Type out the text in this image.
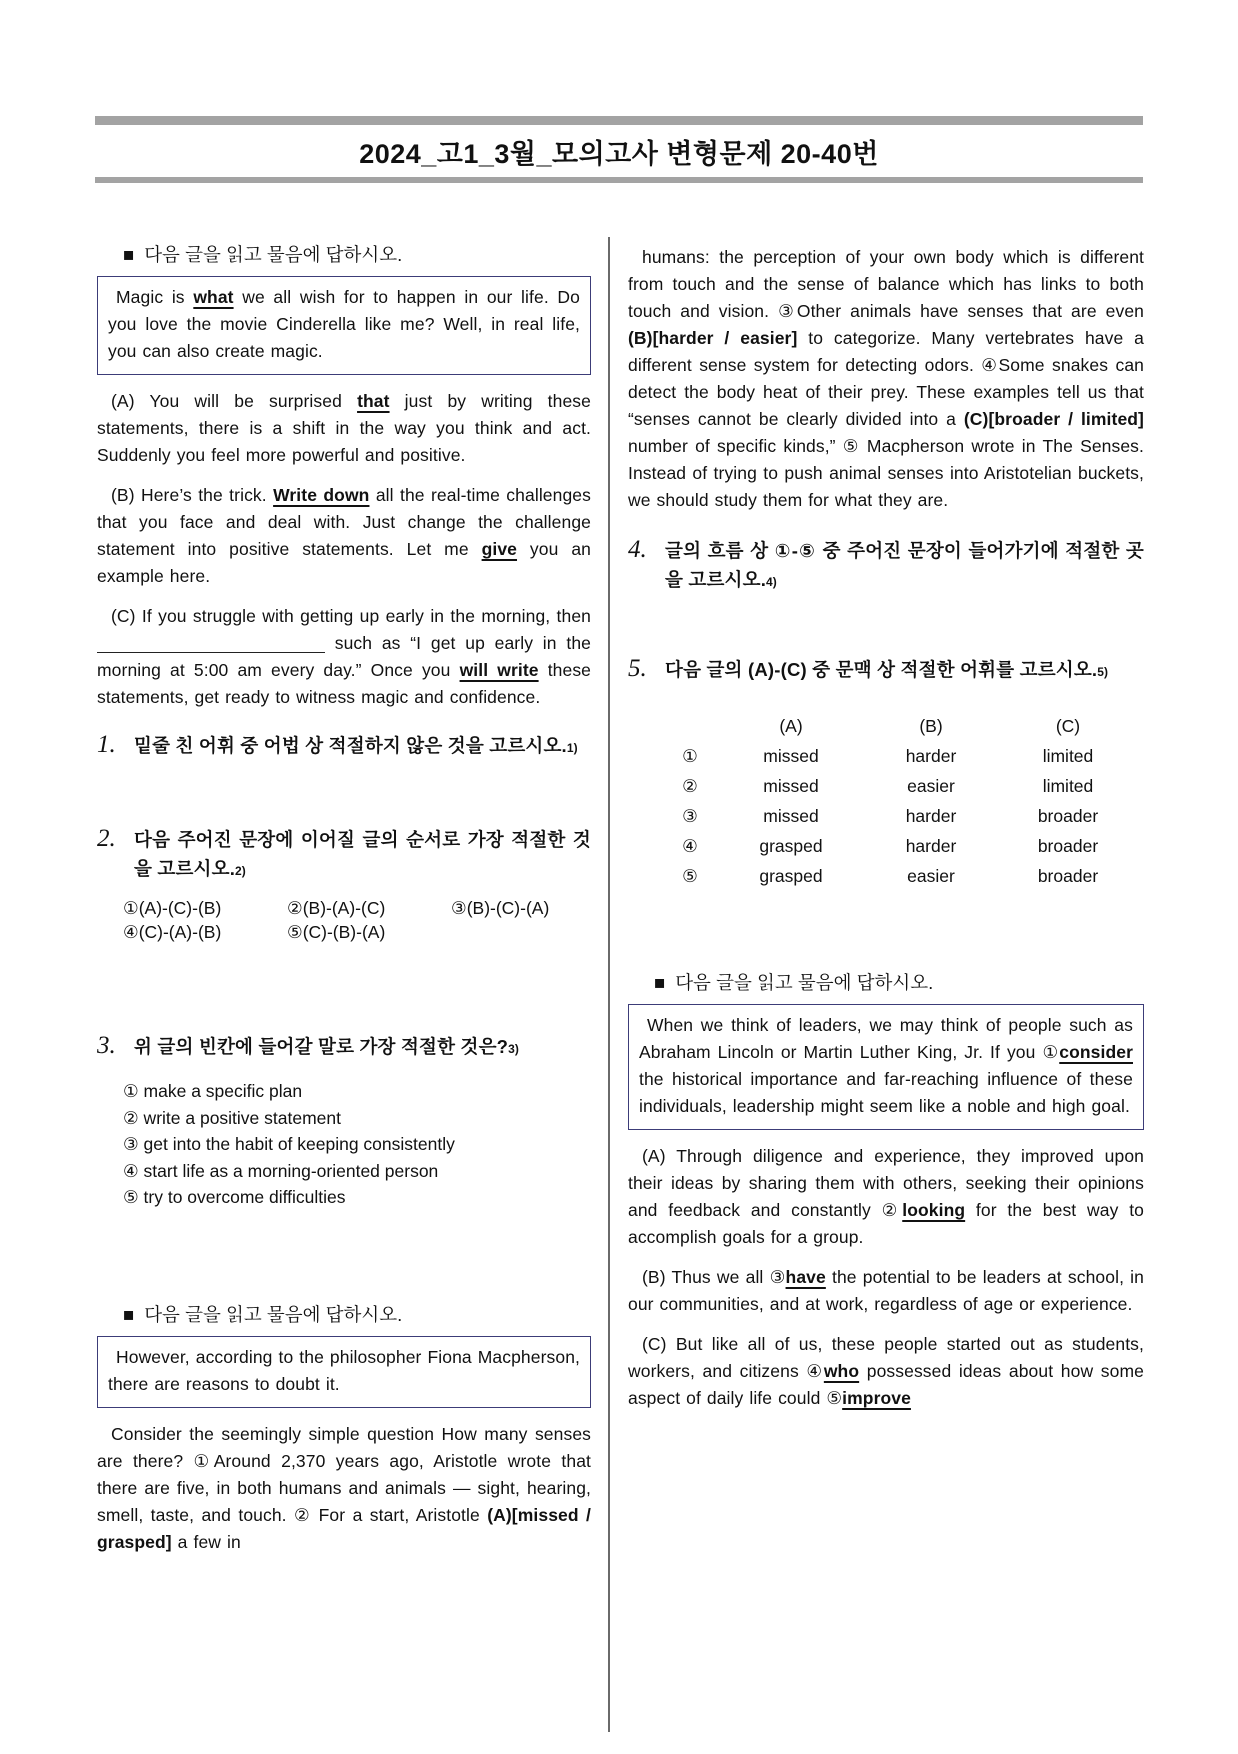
2024_고1_3월_모의고사 변형문제 20-40번
■ 다음 글을 읽고 물음에 답하시오.

Magic is what we all wish for to happen in our life. Do you love the movie Cinderella like me? Well, in real life, you can also create magic.

(A) You will be surprised that just by writing these statements, there is a shift in the way you think and act. Suddenly you feel more powerful and positive.

(B) Here’s the trick. Write down all the real-time challenges that you face and deal with. Just change the challenge statement into positive statements. Let me give you an example here.

(C) If you struggle with getting up early in the morning, then  such as “I get up early in the morning at 5:00 am every day.” Once you will write these statements, get ready to witness magic and confidence.

1. 밑줄 친 어휘 중 어법 상 적절하지 않은 것을 고르시오.1)

2. 다음 주어진 문장에 이어질 글의 순서로 가장 적절한 것을 고르시오.2)

①(A)-(C)-(B)	②(B)-(A)-(C)	③(B)-(C)-(A)
④(C)-(A)-(B)	⑤(C)-(B)-(A)
3. 위 글의 빈칸에 들어갈 말로 가장 적절한 것은?3)

① make a specific plan
② write a positive statement
③ get into the habit of keeping consistently
④ start life as a morning-oriented person
⑤ try to overcome difficulties
■ 다음 글을 읽고 물음에 답하시오.

However, according to the philosopher Fiona Macpherson, there are reasons to doubt it.

Consider the seemingly simple question How many senses are there? ①Around 2,370 years ago, Aristotle wrote that there are five, in both humans and animals — sight, hearing, smell, taste, and touch. ② For a start, Aristotle (A)[missed / grasped] a few in

humans: the perception of your own body which is different from touch and the sense of balance which has links to both touch and vision. ③Other animals have senses that are even (B)[harder / easier] to categorize. Many vertebrates have a different sense system for detecting odors. ④Some snakes can detect the body heat of their prey. These examples tell us that “senses cannot be clearly divided into a (C)[broader / limited] number of specific kinds,” ⑤ Macpherson wrote in The Senses. Instead of trying to push animal senses into Aristotelian buckets, we should study them for what they are.

4. 글의 흐름 상 ①-⑤ 중 주어진 문장이 들어가기에 적절한 곳을 고르시오.4)

5. 다음 글의 (A)-(C) 중 문맥 상 적절한 어휘를 고르시오.5)

	(A)	(B)	(C)
①	missed	harder	limited
②	missed	easier	limited
③	missed	harder	broader
④	grasped	harder	broader
⑤	grasped	easier	broader
■ 다음 글을 읽고 물음에 답하시오.

When we think of leaders, we may think of people such as Abraham Lincoln or Martin Luther King, Jr. If you ①consider the historical importance and far-reaching influence of these individuals, leadership might seem like a noble and high goal.

(A) Through diligence and experience, they improved upon their ideas by sharing them with others, seeking their opinions and feedback and constantly ②looking for the best way to accomplish goals for a group.

(B) Thus we all ③have the potential to be leaders at school, in our communities, and at work, regardless of age or experience.

(C) But like all of us, these people started out as students, workers, and citizens ④who possessed ideas about how some aspect of daily life could ⑤improve
